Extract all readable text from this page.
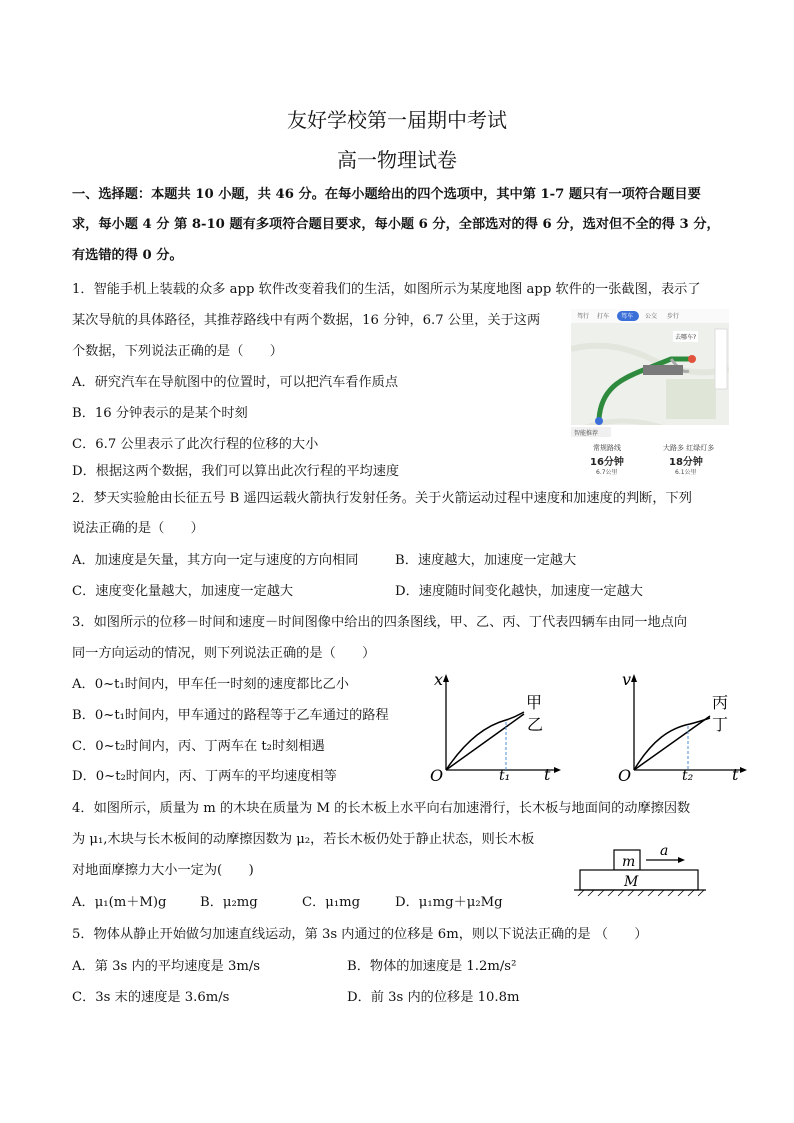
友好学校第一届期中考试
高一物理试卷
一、选择题：本题共 10 小题，共 46 分。在每小题给出的四个选项中，其中第 1-7 题只有一项符合题目要
求，每小题 4 分 第 8-10 题有多项符合题目要求，每小题 6 分，全部选对的得 6 分，选对但不全的得 3 分，
有选错的得 0 分。
1．智能手机上装载的众多 app 软件改变着我们的生活，如图所示为某度地图 app 软件的一张截图，表示了
某次导航的具体路径，其推荐路线中有两个数据，16 分钟，6.7 公里，关于这两
个数据，下列说法正确的是（　　）
A．研究汽车在导航图中的位置时，可以把汽车看作质点
B．16 分钟表示的是某个时刻
C．6.7 公里表示了此次行程的位移的大小
D．根据这两个数据，我们可以算出此次行程的平均速度
驾行 打车 驾车 公交 步行
去哪车?
智能推荐
常规路线
16分钟
6.7公里
大路多 红绿灯多
18分钟
6.1公里
2．梦天实验舱由长征五号 B 遥四运载火箭执行发射任务。关于火箭运动过程中速度和加速度的判断，下列
说法正确的是（　　）
A．加速度是矢量，其方向一定与速度的方向相同	B．速度越大，加速度一定越大
C．速度变化量越大，加速度一定越大	D．速度随时间变化越快，加速度一定越大
3．如图所示的位移－时间和速度－时间图像中给出的四条图线，甲、乙、丙、丁代表四辆车由同一地点向
同一方向运动的情况，则下列说法正确的是（　　）
A．0~t₁时间内，甲车任一时刻的速度都比乙小
B．0~t₁时间内，甲车通过的路程等于乙车通过的路程
C．0~t₂时间内，丙、丁两车在 t₂时刻相遇
D．0~t₂时间内，丙、丁两车的平均速度相等
x
t
O	t₁
甲
乙
v
t
O	t₂
丙
丁
4．如图所示，质量为 m 的木块在质量为 M 的长木板上水平向右加速滑行，长木板与地面间的动摩擦因数
为 μ₁,木块与长木板间的动摩擦因数为 μ₂，若长木板仍处于静止状态，则长木板
对地面摩擦力大小一定为(　　)
A．μ₁(m＋M)g	B．μ₂mg	C．μ₁mg	D．μ₁mg＋μ₂Mg
m
M
a
5．物体从静止开始做匀加速直线运动，第 3s 内通过的位移是 6m，则以下说法正确的是 （　　）
A．第 3s 内的平均速度是 3m/s	B．物体的加速度是 1.2m/s²
C．3s 末的速度是 3.6m/s	D．前 3s 内的位移是 10.8m
